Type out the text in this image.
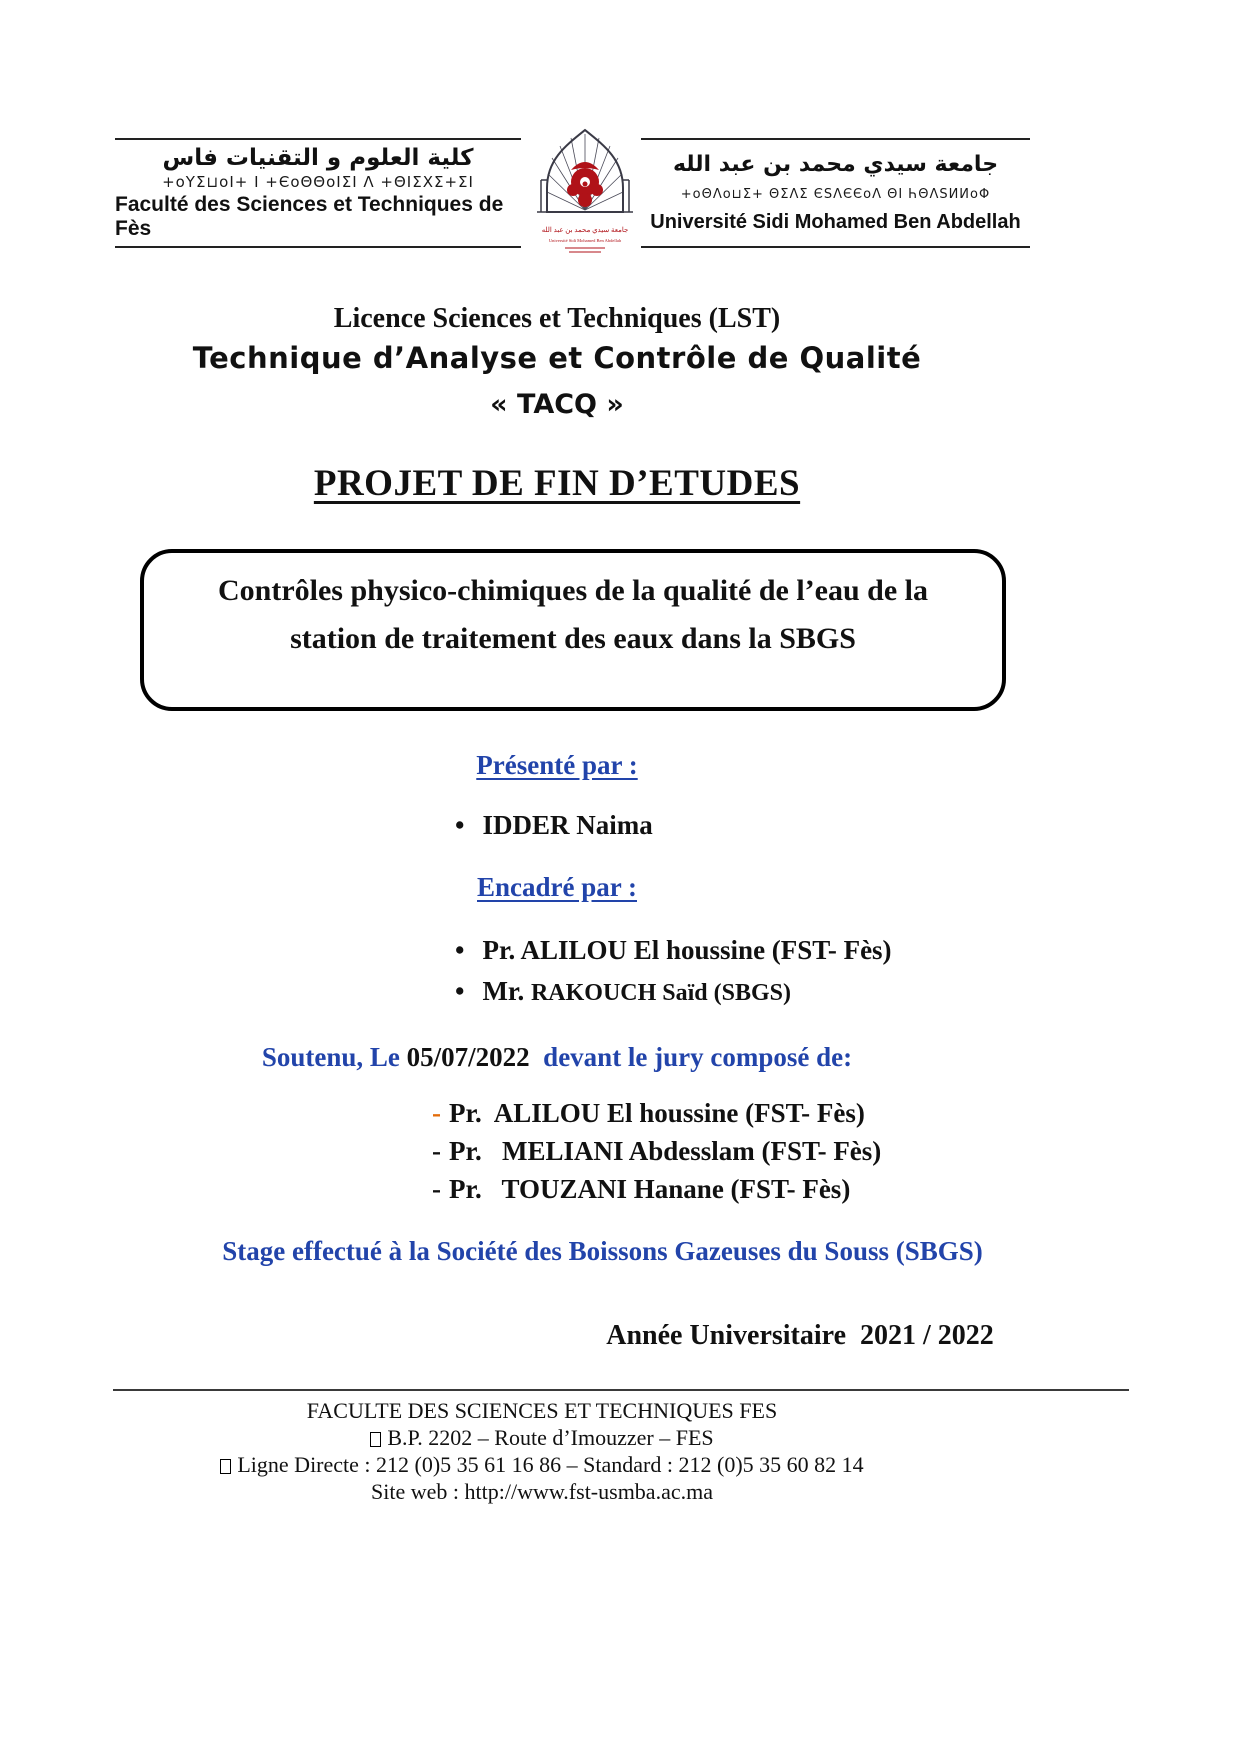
كلية العلوم و التقنيات فاس
+oYΣ⊔oI+ I +ЄoΘΘoIΣI Λ +ΘIΣXΣ+ΣI
Faculté des Sciences et Techniques de Fès	جامعة سيدي محمد بن عبد الله
Université Sidi Mohamed Ben Abdellah
جامعة سيدي محمد بن عبد الله
+oΘΛo⊔Σ+ ΘΣΛΣ ЄЅΛЄЄoΛ ΘI ҺΘΛЅИИoΦ
Université Sidi Mohamed Ben Abdellah
Licence Sciences et Techniques (LST)
Technique d’Analyse et Contrôle de Qualité
« TACQ »
PROJET DE FIN D’ETUDES
Contrôles physico-chimiques de la qualité de l’eau de la
station de traitement des eaux dans la SBGS
Présenté par :
• IDDER Naima
Encadré par :
• Pr. ALILOU El houssine (FST- Fès)
• Mr. RAKOUCH Saïd (SBGS)
Soutenu, Le 05/07/2022  devant le jury composé de:
- Pr.  ALILOU El houssine (FST- Fès)
- Pr.   MELIANI Abdesslam (FST- Fès)
- Pr.   TOUZANI Hanane (FST- Fès)
Stage effectué à la Société des Boissons Gazeuses du Souss (SBGS)
Année Universitaire  2021 / 2022
FACULTE DES SCIENCES ET TECHNIQUES FES
B.P. 2202 – Route d’Imouzzer – FES
Ligne Directe : 212 (0)5 35 61 16 86 – Standard : 212 (0)5 35 60 82 14
Site web : http://www.fst-usmba.ac.ma
